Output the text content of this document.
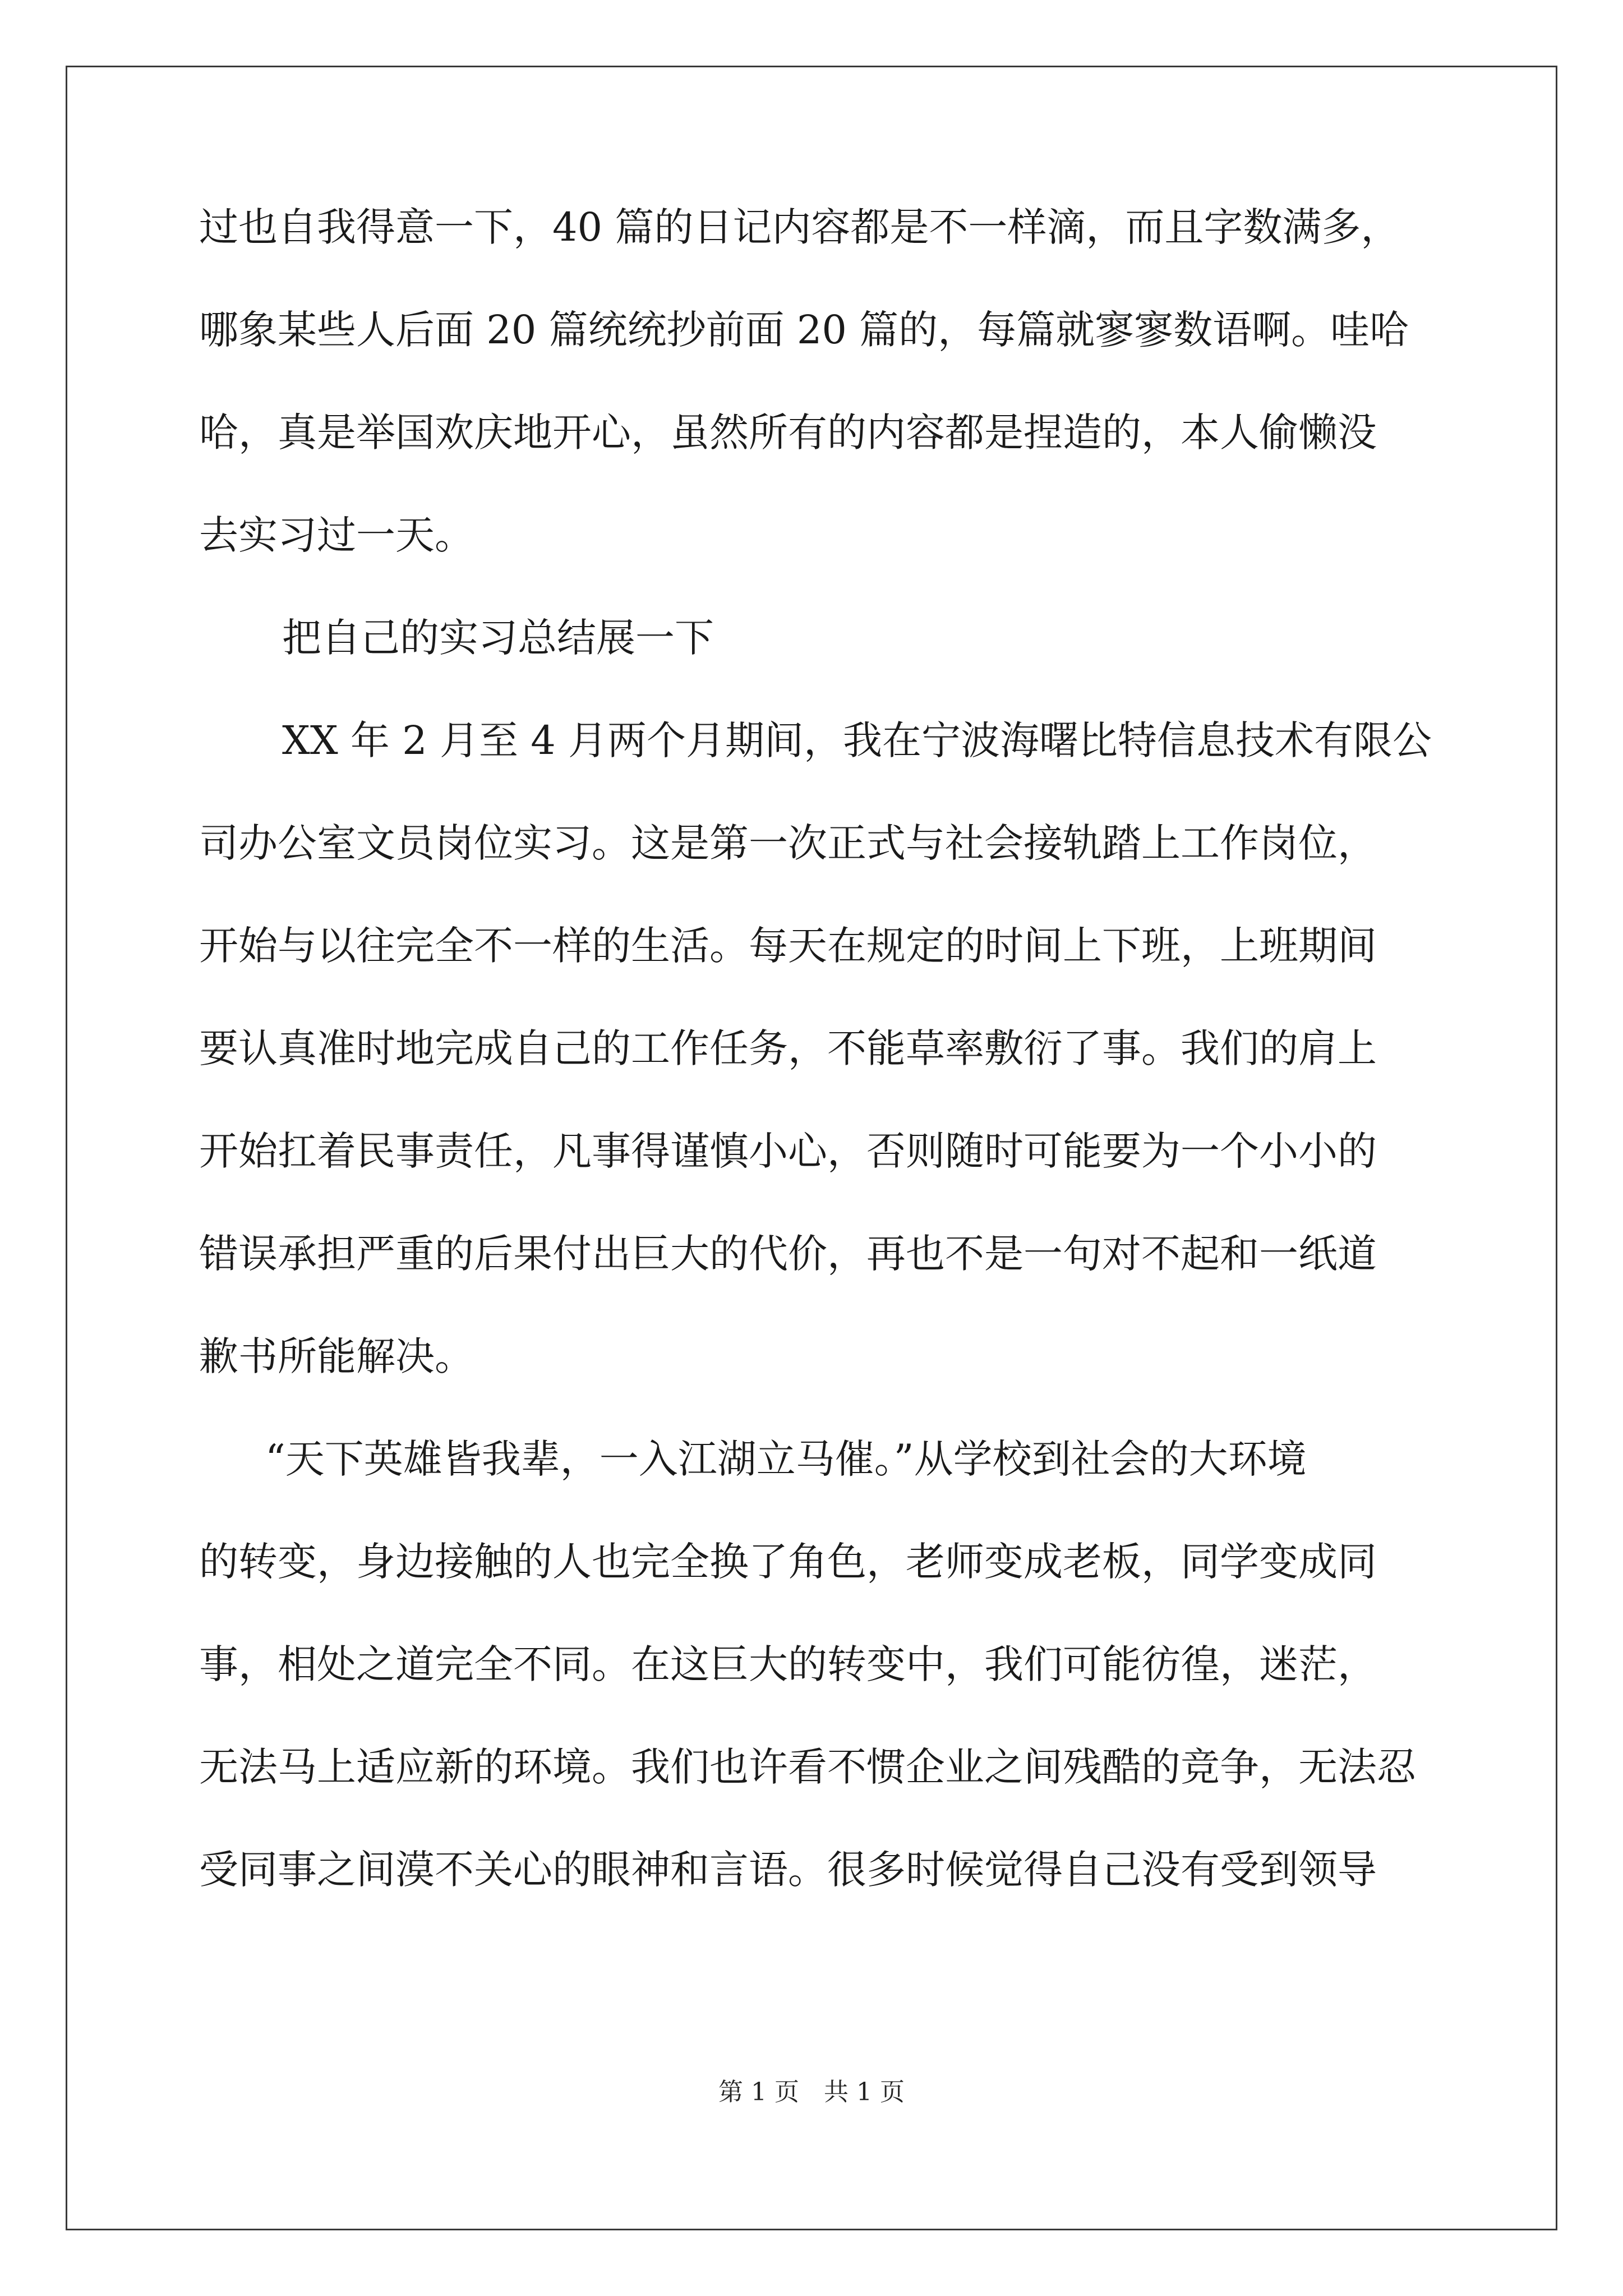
过也自我得意一下，40 篇的日记内容都是不一样滴，而且字数满多，
哪象某些人后面 20 篇统统抄前面 20 篇的，每篇就寥寥数语啊。哇哈
哈，真是举国欢庆地开心，虽然所有的内容都是捏造的，本人偷懒没
去实习过一天。
把自己的实习总结展一下
XX 年 2 月至 4 月两个月期间，我在宁波海曙比特信息技术有限公
司办公室文员岗位实习。这是第一次正式与社会接轨踏上工作岗位，
开始与以往完全不一样的生活。每天在规定的时间上下班，上班期间
要认真准时地完成自己的工作任务，不能草率敷衍了事。我们的肩上
开始扛着民事责任，凡事得谨慎小心，否则随时可能要为一个小小的
错误承担严重的后果付出巨大的代价，再也不是一句对不起和一纸道
歉书所能解决。
“天下英雄皆我辈，一入江湖立马催。”从学校到社会的大环境
的转变，身边接触的人也完全换了角色，老师变成老板，同学变成同
事，相处之道完全不同。在这巨大的转变中，我们可能彷徨，迷茫，
无法马上适应新的环境。我们也许看不惯企业之间残酷的竞争，无法忍
受同事之间漠不关心的眼神和言语。很多时候觉得自己没有受到领导
第 1 页　共 1 页
